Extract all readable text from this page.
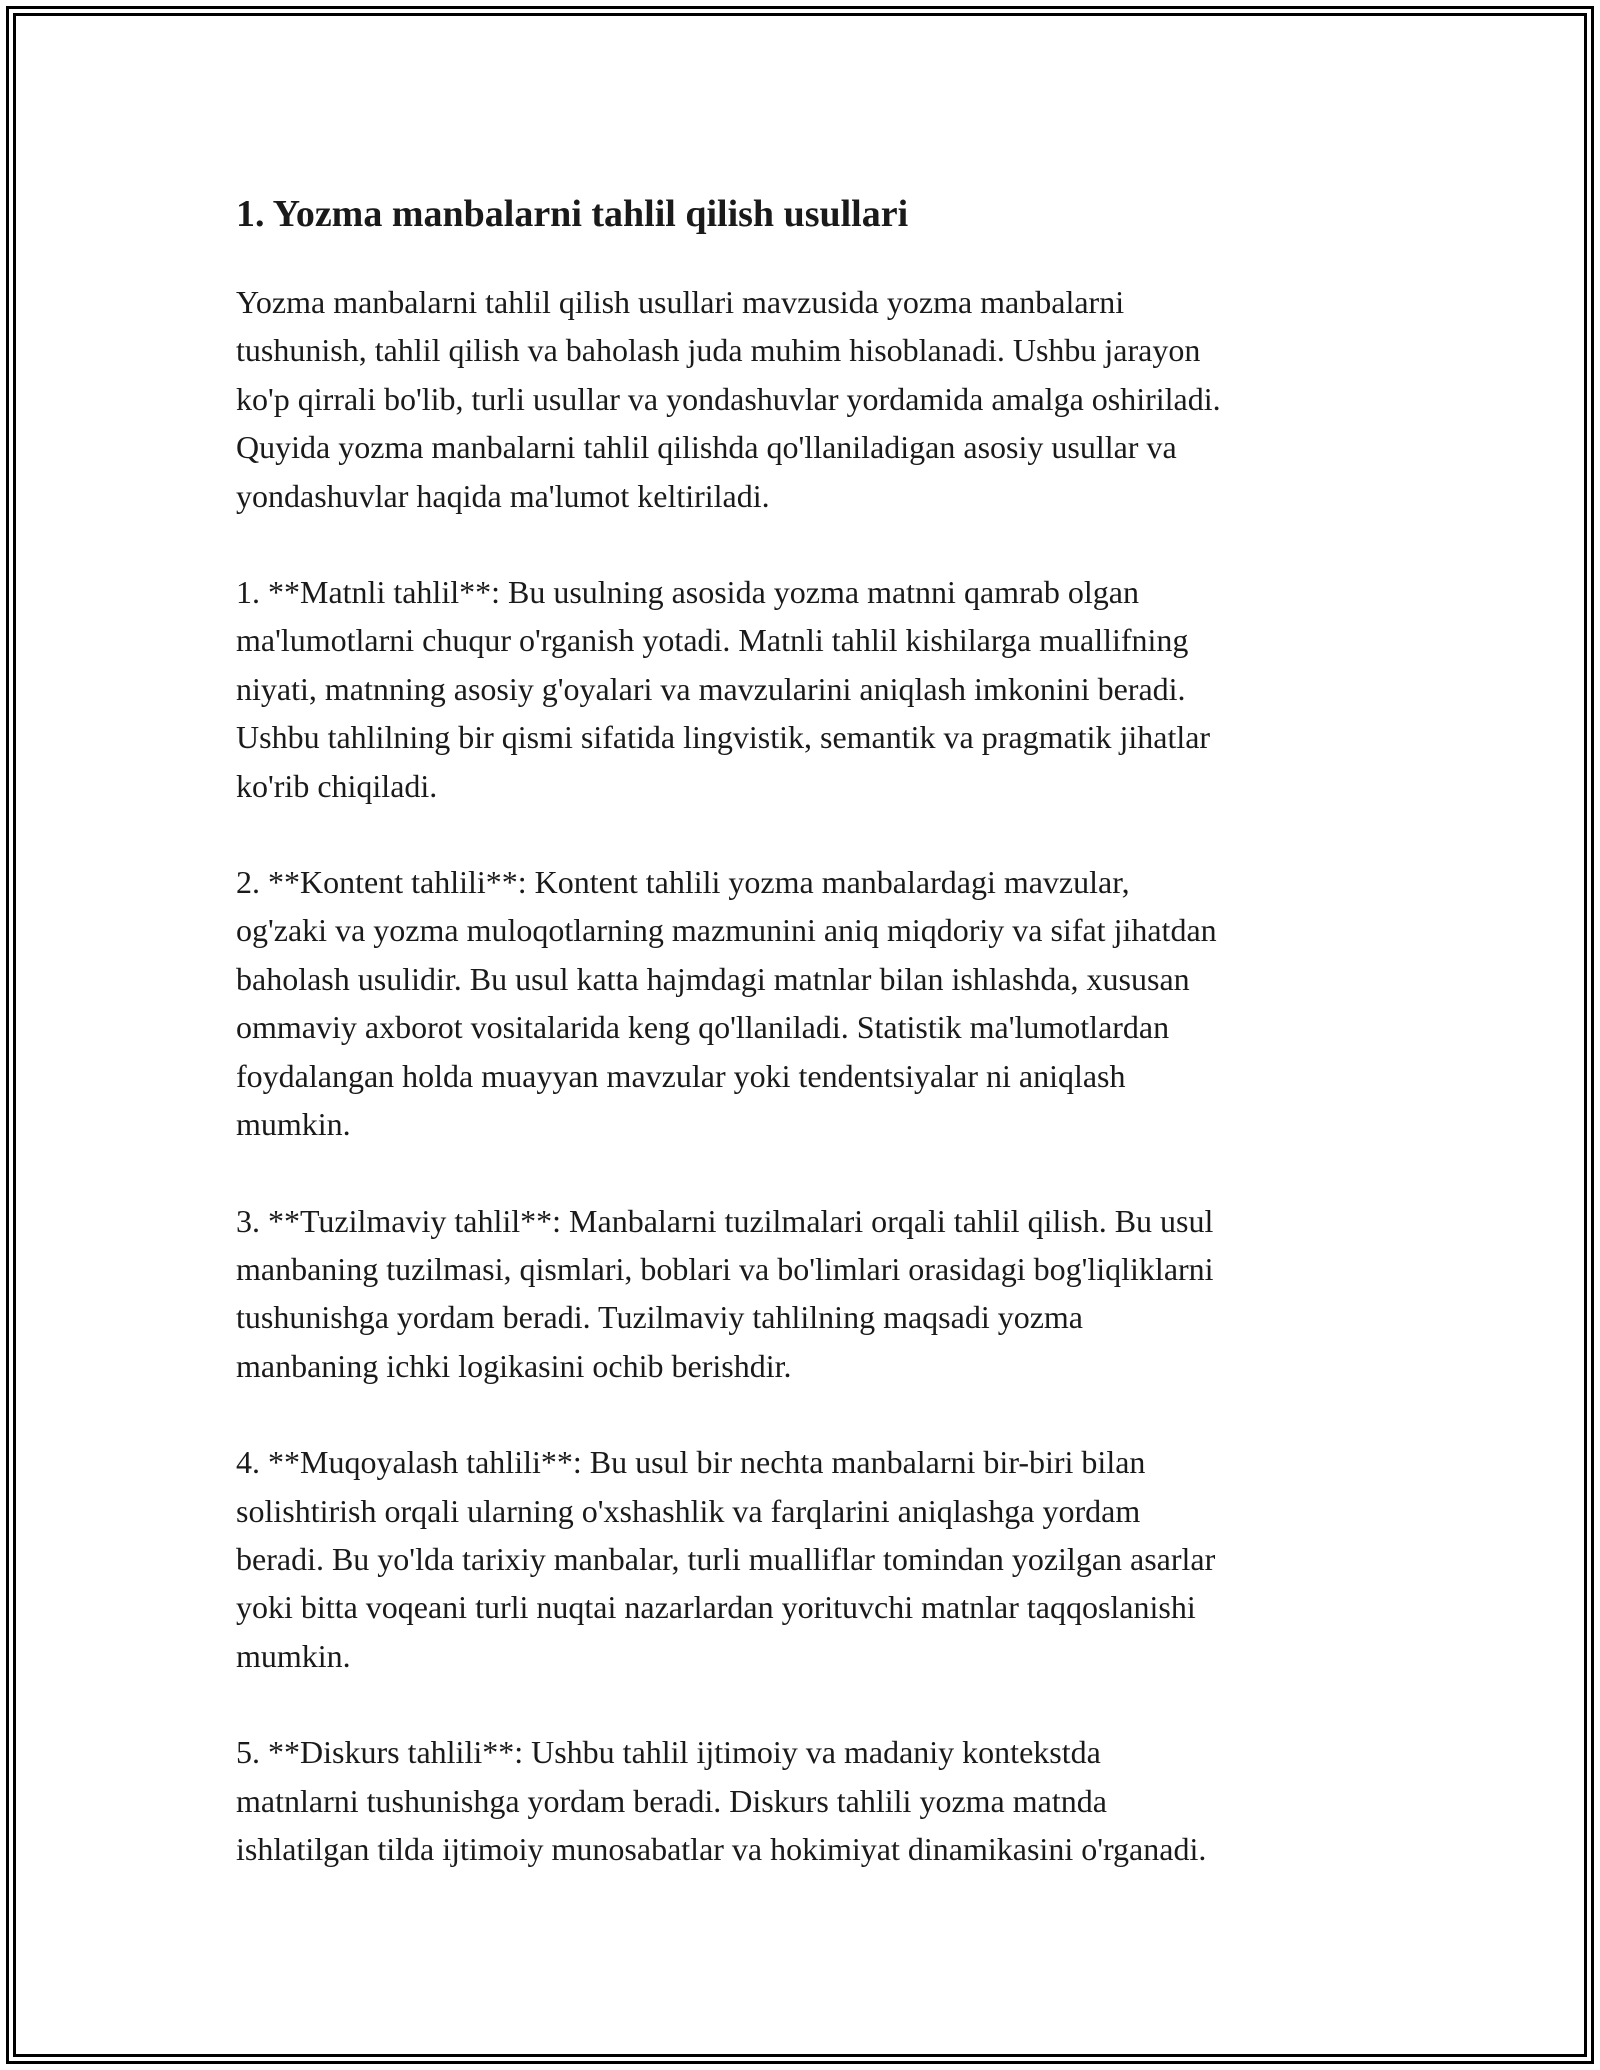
1. Yozma manbalarni tahlil qilish usullari

Yozma manbalarni tahlil qilish usullari mavzusida yozma manbalarni
tushunish, tahlil qilish va baholash juda muhim hisoblanadi. Ushbu jarayon
ko'p qirrali bo'lib, turli usullar va yondashuvlar yordamida amalga oshiriladi.
Quyida yozma manbalarni tahlil qilishda qo'llaniladigan asosiy usullar va
yondashuvlar haqida ma'lumot keltiriladi.

1. **Matnli tahlil**: Bu usulning asosida yozma matnni qamrab olgan
ma'lumotlarni chuqur o'rganish yotadi. Matnli tahlil kishilarga muallifning
niyati, matnning asosiy g'oyalari va mavzularini aniqlash imkonini beradi.
Ushbu tahlilning bir qismi sifatida lingvistik, semantik va pragmatik jihatlar
ko'rib chiqiladi.

2. **Kontent tahlili**: Kontent tahlili yozma manbalardagi mavzular,
og'zaki va yozma muloqotlarning mazmunini aniq miqdoriy va sifat jihatdan
baholash usulidir. Bu usul katta hajmdagi matnlar bilan ishlashda, xususan
ommaviy axborot vositalarida keng qo'llaniladi. Statistik ma'lumotlardan
foydalangan holda muayyan mavzular yoki tendentsiyalar ni aniqlash
mumkin.

3. **Tuzilmaviy tahlil**: Manbalarni tuzilmalari orqali tahlil qilish. Bu usul
manbaning tuzilmasi, qismlari, boblari va bo'limlari orasidagi bog'liqliklarni
tushunishga yordam beradi. Tuzilmaviy tahlilning maqsadi yozma
manbaning ichki logikasini ochib berishdir.

4. **Muqoyalash tahlili**: Bu usul bir nechta manbalarni bir-biri bilan
solishtirish orqali ularning o'xshashlik va farqlarini aniqlashga yordam
beradi. Bu yo'lda tarixiy manbalar, turli mualliflar tomindan yozilgan asarlar
yoki bitta voqeani turli nuqtai nazarlardan yorituvchi matnlar taqqoslanishi
mumkin.

5. **Diskurs tahlili**: Ushbu tahlil ijtimoiy va madaniy kontekstda
matnlarni tushunishga yordam beradi. Diskurs tahlili yozma matnda
ishlatilgan tilda ijtimoiy munosabatlar va hokimiyat dinamikasini o'rganadi.
